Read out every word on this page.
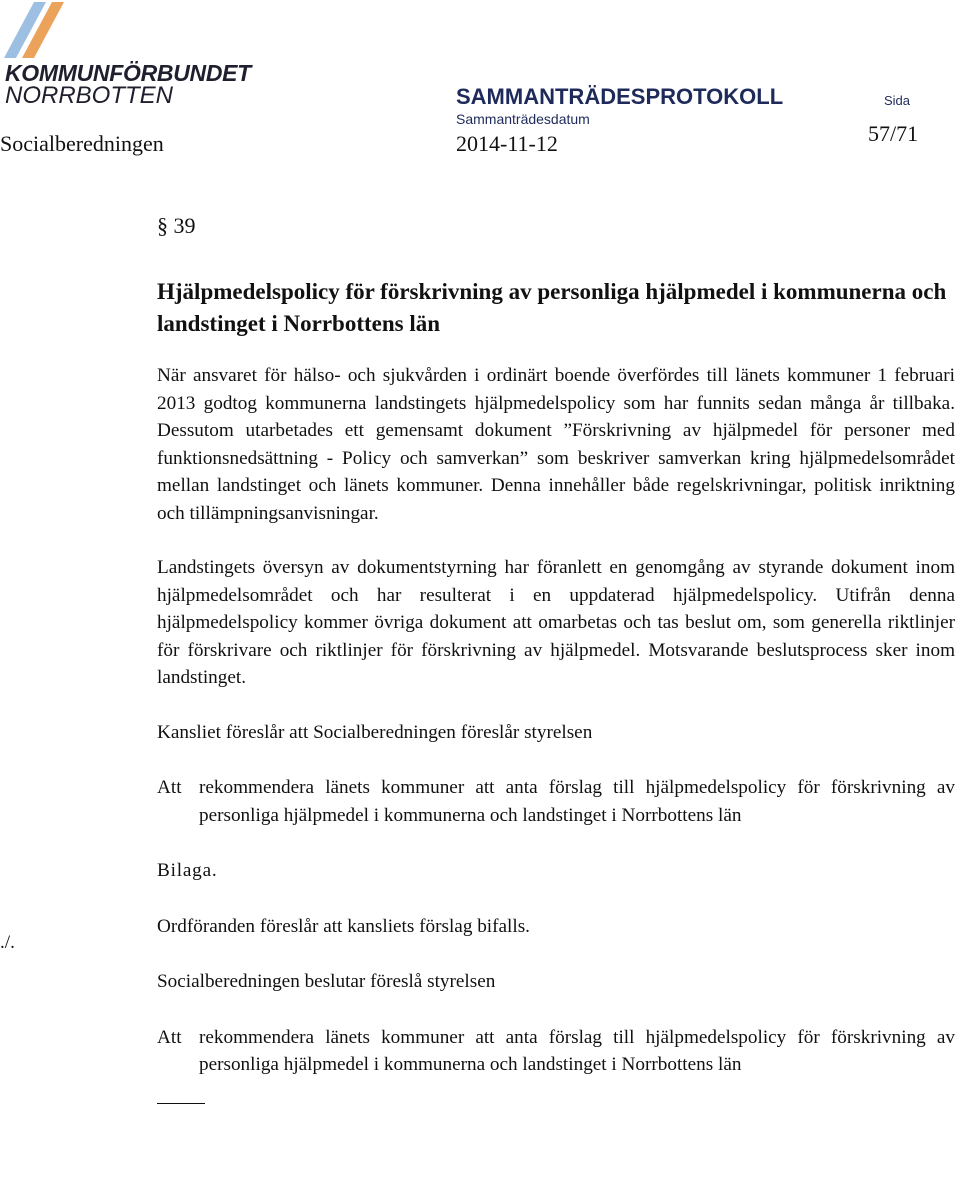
KOMMUNFÖRBUNDET
NORRBOTTEN
Socialberedningen
SAMMANTRÄDESPROTOKOLL
Sammanträdesdatum
2014-11-12
Sida
57/71
./.

§ 39

Hjälpmedelspolicy för förskrivning av personliga hjälpmedel i kommunerna och landstinget i Norrbottens län

När ansvaret för hälso- och sjukvården i ordinärt boende överfördes till länets kommuner 1 februari 2013 godtog kommunerna landstingets hjälpmedelspolicy som har funnits sedan många år tillbaka. Dessutom utarbetades ett gemensamt dokument ”Förskrivning av hjälpmedel för personer med funktionsnedsättning - Policy och samverkan” som beskriver samverkan kring hjälpmedelsområdet mellan landstinget och länets kommuner. Denna innehåller både regelskrivningar, politisk inriktning och tillämpningsanvisningar.

Landstingets översyn av dokumentstyrning har föranlett en genomgång av styrande dokument inom hjälpmedelsområdet och har resulterat i en uppdaterad hjälpmedelspolicy. Utifrån denna hjälpmedelspolicy kommer övriga dokument att omarbetas och tas beslut om, som generella riktlinjer för förskrivare och riktlinjer för förskrivning av hjälpmedel. Motsvarande beslutsprocess sker inom landstinget.

Kansliet föreslår att Socialberedningen föreslår styrelsen

Att rekommendera länets kommuner att anta förslag till hjälpmedelspolicy för förskrivning av personliga hjälpmedel i kommunerna och landstinget i Norrbottens län

Bilaga.

Ordföranden föreslår att kansliets förslag bifalls.

Socialberedningen beslutar föreslå styrelsen

Att rekommendera länets kommuner att anta förslag till hjälpmedelspolicy för förskrivning av personliga hjälpmedel i kommunerna och landstinget i Norrbottens län
